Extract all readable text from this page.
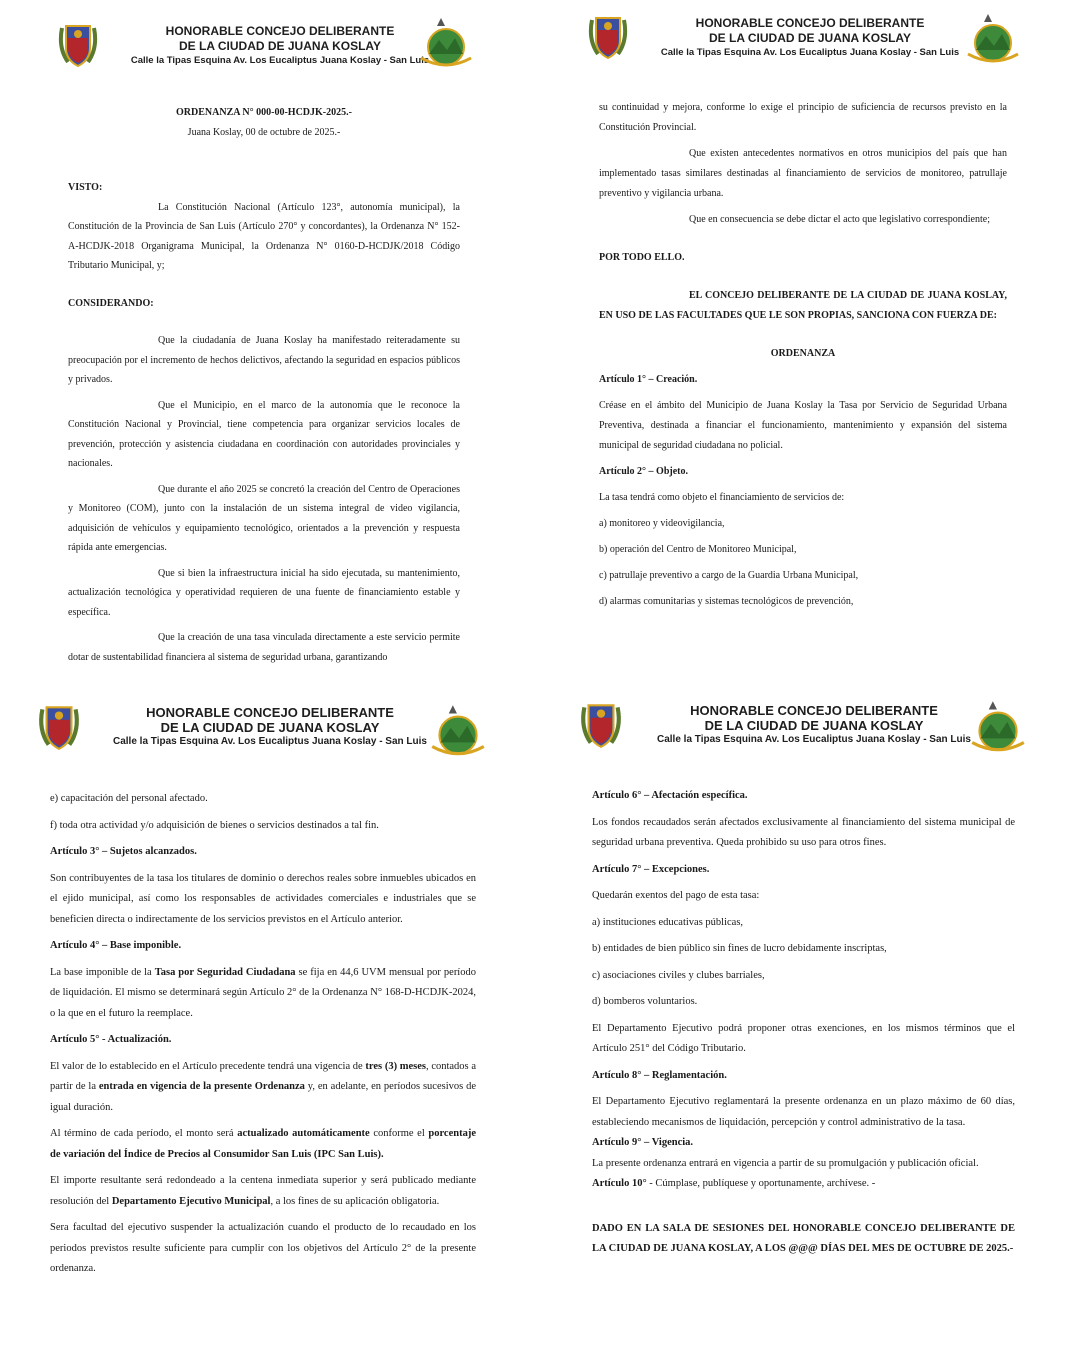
HONORABLE CONCEJO DELIBERANTE
DE LA CIUDAD DE JUANA KOSLAY
Calle la Tipas Esquina Av. Los Eucaliptus Juana Koslay - San Luis

ORDENANZA N° 000-00-HCDJK-2025.-

Juana Koslay, 00 de octubre de 2025.-

VISTO:

La Constitución Nacional (Artículo 123°, autonomía municipal), la Constitución de la Provincia de San Luis (Artículo 270° y concordantes), la Ordenanza N° 152-A-HCDJK-2018 Organigrama Municipal, la Ordenanza N° 0160-D-HCDJK/2018 Código Tributario Municipal, y;

CONSIDERANDO:

Que la ciudadanía de Juana Koslay ha manifestado reiteradamente su preocupación por el incremento de hechos delictivos, afectando la seguridad en espacios públicos y privados.

Que el Municipio, en el marco de la autonomía que le reconoce la Constitución Nacional y Provincial, tiene competencia para organizar servicios locales de prevención, protección y asistencia ciudadana en coordinación con autoridades provinciales y nacionales.

Que durante el año 2025 se concretó la creación del Centro de Operaciones y Monitoreo (COM), junto con la instalación de un sistema integral de video vigilancia, adquisición de vehículos y equipamiento tecnológico, orientados a la prevención y respuesta rápida ante emergencias.

Que si bien la infraestructura inicial ha sido ejecutada, su mantenimiento, actualización tecnológica y operatividad requieren de una fuente de financiamiento estable y específica.

Que la creación de una tasa vinculada directamente a este servicio permite dotar de sustentabilidad financiera al sistema de seguridad urbana, garantizando

HONORABLE CONCEJO DELIBERANTE
DE LA CIUDAD DE JUANA KOSLAY
Calle la Tipas Esquina Av. Los Eucaliptus Juana Koslay - San Luis

su continuidad y mejora, conforme lo exige el principio de suficiencia de recursos previsto en la Constitución Provincial.

Que existen antecedentes normativos en otros municipios del país que han implementado tasas similares destinadas al financiamiento de servicios de monitoreo, patrullaje preventivo y vigilancia urbana.

Que en consecuencia se debe dictar el acto que legislativo correspondiente;

POR TODO ELLO.

EL CONCEJO DELIBERANTE DE LA CIUDAD DE JUANA KOSLAY, EN USO DE LAS FACULTADES QUE LE SON PROPIAS, SANCIONA CON FUERZA DE:

ORDENANZA

Artículo 1° – Creación.

Créase en el ámbito del Municipio de Juana Koslay la Tasa por Servicio de Seguridad Urbana Preventiva, destinada a financiar el funcionamiento, mantenimiento y expansión del sistema municipal de seguridad ciudadana no policial.

Artículo 2° – Objeto.

La tasa tendrá como objeto el financiamiento de servicios de:

a) monitoreo y videovigilancia,

b) operación del Centro de Monitoreo Municipal,

c) patrullaje preventivo a cargo de la Guardia Urbana Municipal,

d) alarmas comunitarias y sistemas tecnológicos de prevención,

HONORABLE CONCEJO DELIBERANTE
DE LA CIUDAD DE JUANA KOSLAY
Calle la Tipas Esquina Av. Los Eucaliptus Juana Koslay - San Luis

e) capacitación del personal afectado.

f) toda otra actividad y/o adquisición de bienes o servicios destinados a tal fin.

Artículo 3° – Sujetos alcanzados.

Son contribuyentes de la tasa los titulares de dominio o derechos reales sobre inmuebles ubicados en el ejido municipal, así como los responsables de actividades comerciales e industriales que se beneficien directa o indirectamente de los servicios previstos en el Artículo anterior.

Artículo 4° – Base imponible.

La base imponible de la Tasa por Seguridad Ciudadana se fija en 44,6 UVM mensual por período de liquidación. El mismo se determinará según Artículo 2° de la Ordenanza N° 168-D-HCDJK-2024, o la que en el futuro la reemplace.

Artículo 5° - Actualización.

El valor de lo establecido en el Artículo precedente tendrá una vigencia de tres (3) meses, contados a partir de la entrada en vigencia de la presente Ordenanza y, en adelante, en períodos sucesivos de igual duración.

Al término de cada período, el monto será actualizado automáticamente conforme el porcentaje de variación del Índice de Precios al Consumidor San Luis (IPC San Luis).

El importe resultante será redondeado a la centena inmediata superior y será publicado mediante resolución del Departamento Ejecutivo Municipal, a los fines de su aplicación obligatoria.

Sera facultad del ejecutivo suspender la actualización cuando el producto de lo recaudado en los periodos previstos resulte suficiente para cumplir con los objetivos del Artículo 2° de la presente ordenanza.

HONORABLE CONCEJO DELIBERANTE
DE LA CIUDAD DE JUANA KOSLAY
Calle la Tipas Esquina Av. Los Eucaliptus Juana Koslay - San Luis

Artículo 6° – Afectación específica.

Los fondos recaudados serán afectados exclusivamente al financiamiento del sistema municipal de seguridad urbana preventiva. Queda prohibido su uso para otros fines.

Artículo 7° – Excepciones.

Quedarán exentos del pago de esta tasa:

a) instituciones educativas públicas,

b) entidades de bien público sin fines de lucro debidamente inscriptas,

c) asociaciones civiles y clubes barriales,

d) bomberos voluntarios.

El Departamento Ejecutivo podrá proponer otras exenciones, en los mismos términos que el Artículo 251° del Código Tributario.

Artículo 8° – Reglamentación.

El Departamento Ejecutivo reglamentará la presente ordenanza en un plazo máximo de 60 días, estableciendo mecanismos de liquidación, percepción y control administrativo de la tasa.

Artículo 9° – Vigencia.

La presente ordenanza entrará en vigencia a partir de su promulgación y publicación oficial.

Artículo 10° - Cúmplase, publíquese y oportunamente, archívese. -

DADO EN LA SALA DE SESIONES DEL HONORABLE CONCEJO DELIBERANTE DE LA CIUDAD DE JUANA KOSLAY, A LOS @@@ DÍAS DEL MES DE OCTUBRE DE 2025.-
